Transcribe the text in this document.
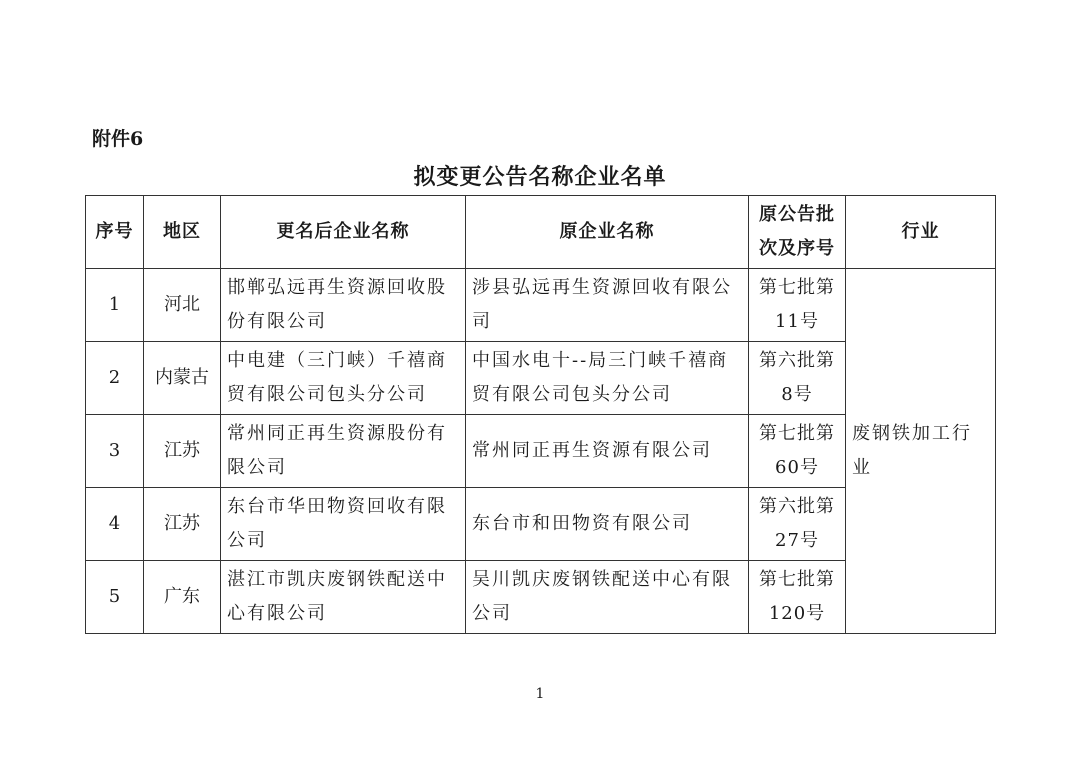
附件6
拟变更公告名称企业名单
序号	地区	更名后企业名称	原企业名称	原公告批次及序号	行业
1	河北	邯郸弘远再生资源回收股份有限公司	涉县弘远再生资源回收有限公司	第七批第11号	废钢铁加工行业
2	内蒙古	中电建（三门峡）千禧商贸有限公司包头分公司	中国水电十--局三门峡千禧商贸有限公司包头分公司	第六批第8号	
3	江苏	常州同正再生资源股份有限公司	常州同正再生资源有限公司	第七批第60号	
4	江苏	东台市华田物资回收有限公司	东台市和田物资有限公司	第六批第27号	
5	广东	湛江市凯庆废钢铁配送中心有限公司	吴川凯庆废钢铁配送中心有限公司	第七批第120号	
1
